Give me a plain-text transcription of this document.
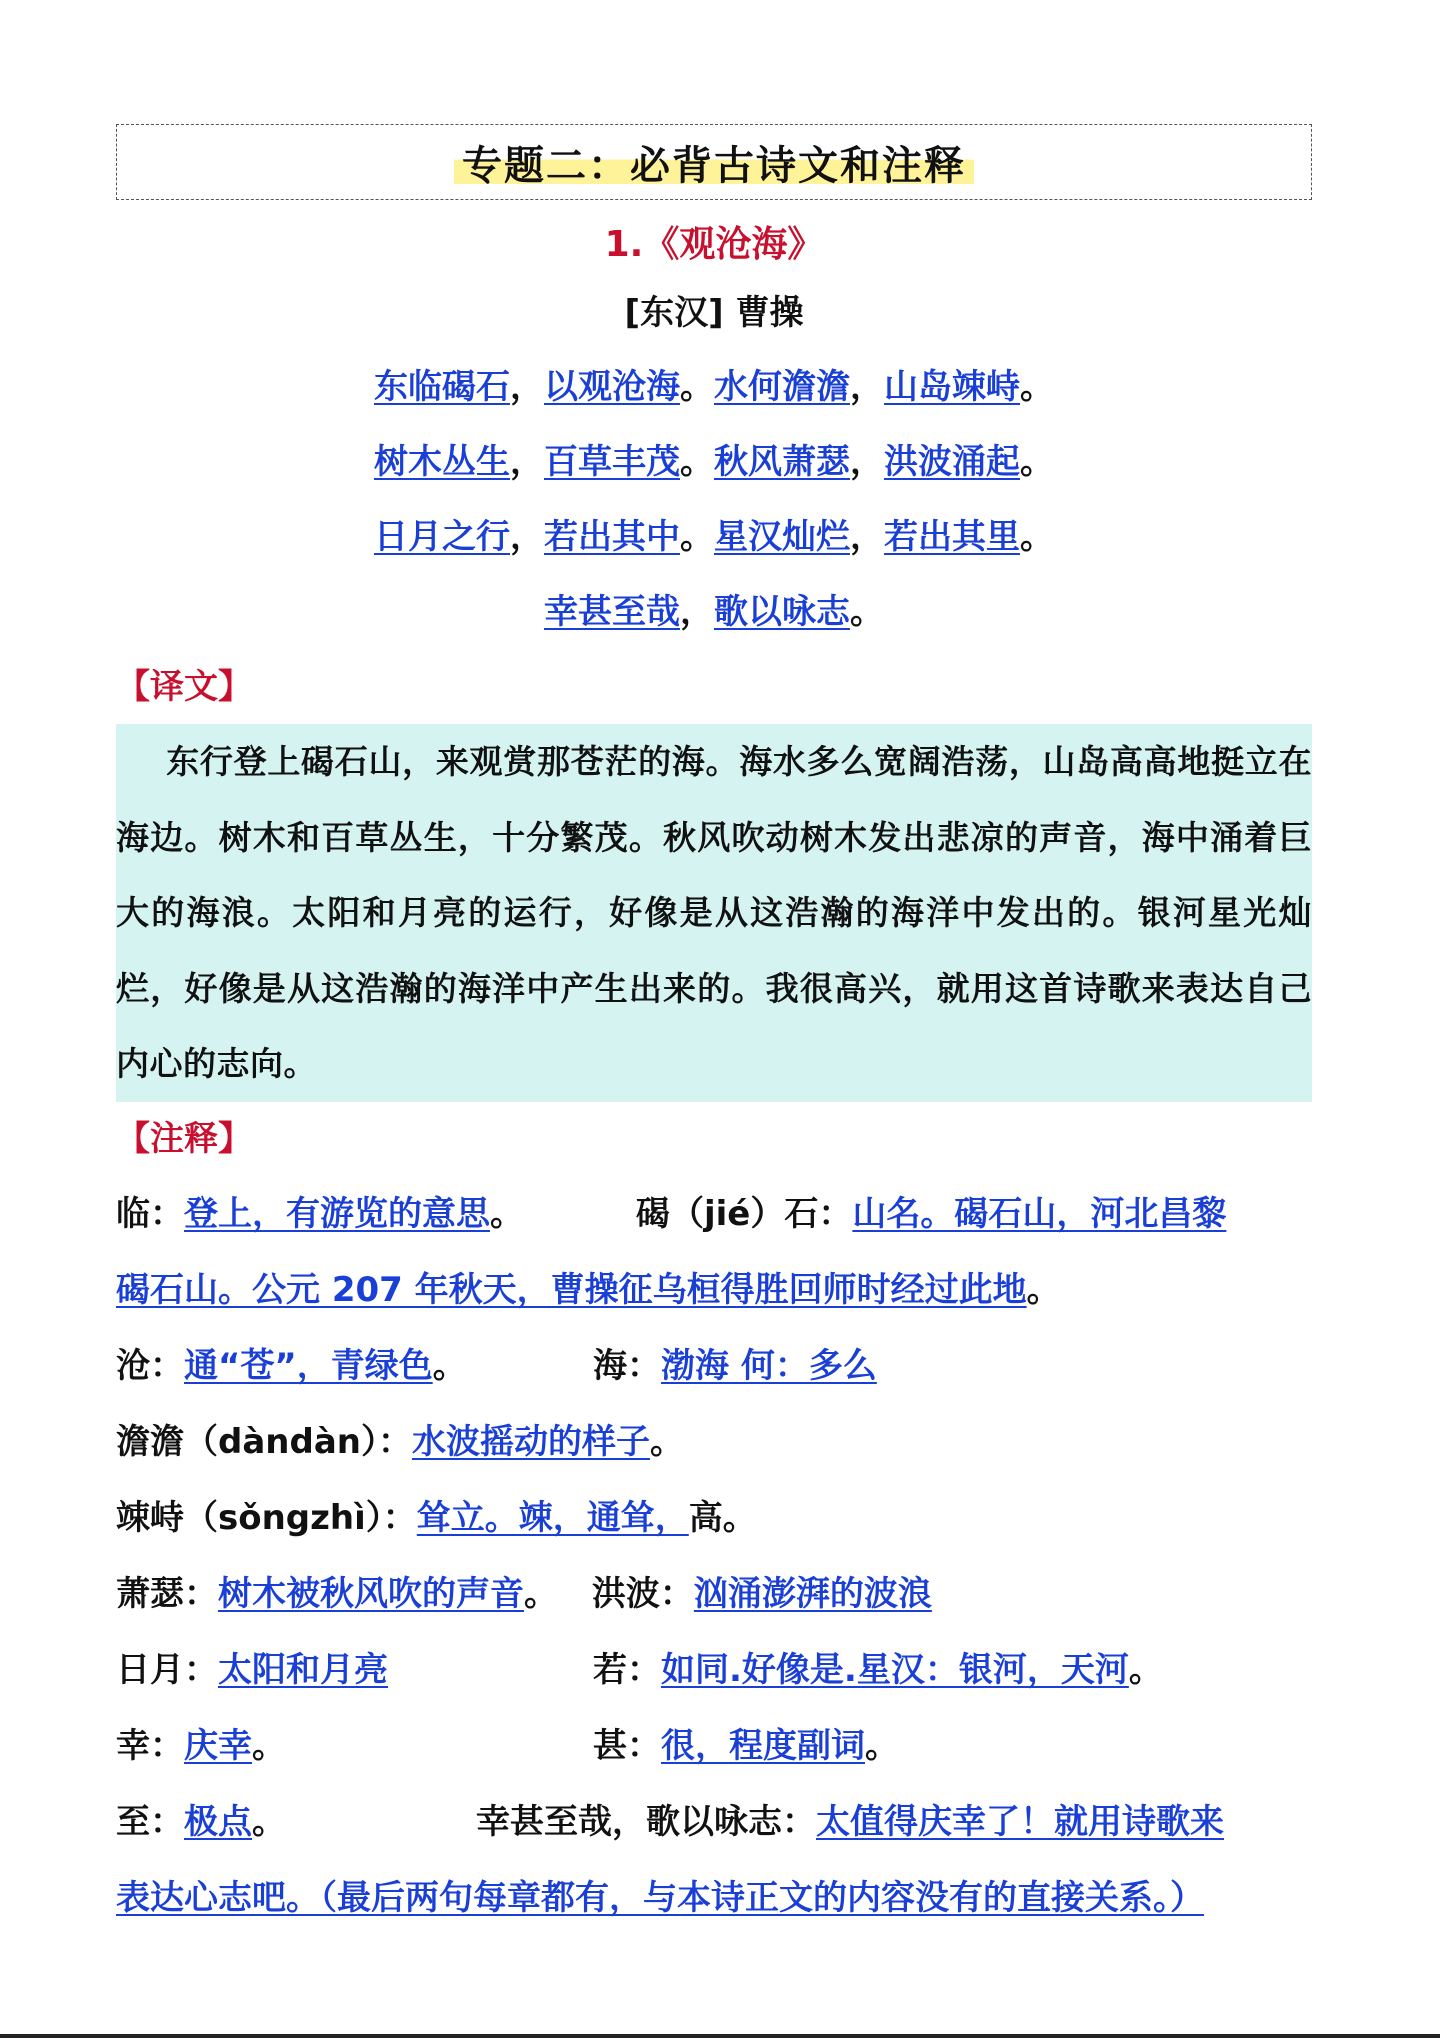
专题二：必背古诗文和注释
1.《观沧海》
[东汉] 曹操
东临碣石，以观沧海。水何澹澹，山岛竦峙。
树木丛生，百草丰茂。秋风萧瑟，洪波涌起。
日月之行，若出其中。星汉灿烂，若出其里。
幸甚至哉，歌以咏志。
【译文】
东行登上碣石山，来观赏那苍茫的海。海水多么宽阔浩荡，山岛高高地挺立在海边。树木和百草丛生，十分繁茂。秋风吹动树木发出悲凉的声音，海中涌着巨大的海浪。太阳和月亮的运行，好像是从这浩瀚的海洋中发出的。银河星光灿烂，好像是从这浩瀚的海洋中产生出来的。我很高兴，就用这首诗歌来表达自己内心的志向。
【注释】
临：登上，有游览的意思。	碣（jié）石：山名。碣石山，河北昌黎
碣石山。公元 207 年秋天，曹操征乌桓得胜回师时经过此地。
沧：通“苍”，青绿色。	海：渤海 何：多么
澹澹（dàndàn）：水波摇动的样子。
竦峙（sǒngzhì）：耸立。竦，通耸，高。
萧瑟：树木被秋风吹的声音。 洪波：汹涌澎湃的波浪
日月：太阳和月亮	若：如同.好像是.星汉：银河，天河。
幸：庆幸。	甚：很，程度副词。
至：极点。	幸甚至哉，歌以咏志：太值得庆幸了！就用诗歌来
表达心志吧。（最后两句每章都有，与本诗正文的内容没有的直接关系。）
